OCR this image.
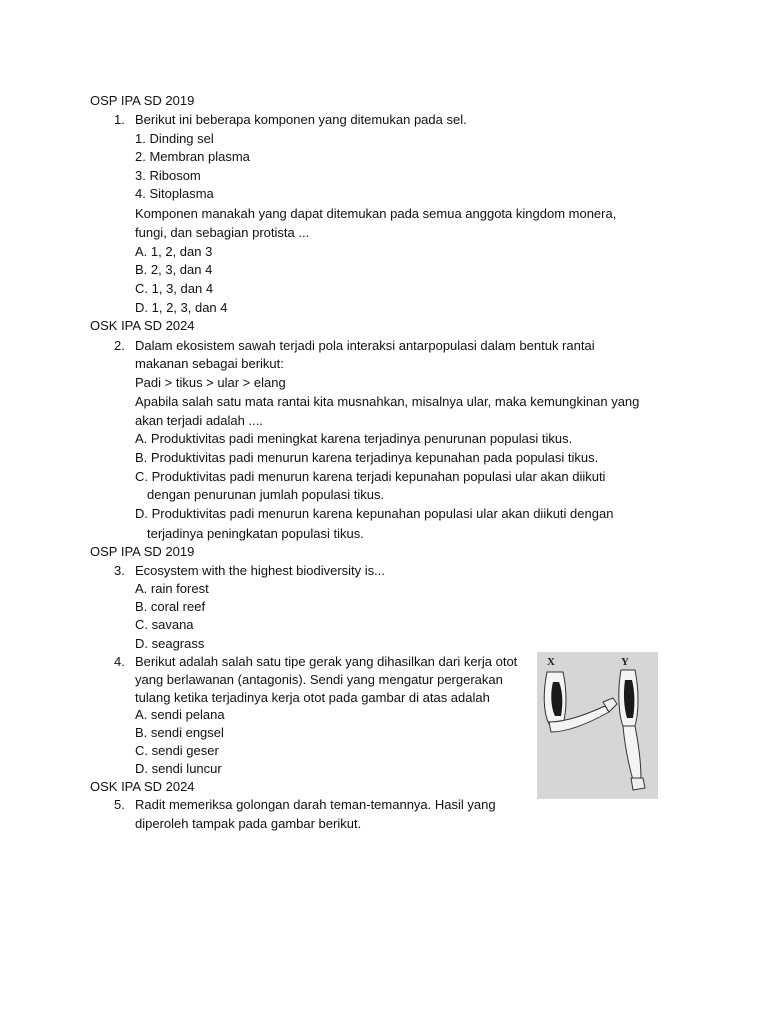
OSP IPA SD 2019
1. Berikut ini beberapa komponen yang ditemukan pada sel.
1. Dinding sel
2. Membran plasma
3. Ribosom
4. Sitoplasma
Komponen manakah yang dapat ditemukan pada semua anggota kingdom monera,
fungi, dan sebagian protista ...
A. 1, 2, dan 3
B. 2, 3, dan 4
C. 1, 3, dan 4
D. 1, 2, 3, dan 4
OSK IPA SD 2024
2. Dalam ekosistem sawah terjadi pola interaksi antarpopulasi dalam bentuk rantai
makanan sebagai berikut:
Padi > tikus > ular > elang
Apabila salah satu mata rantai kita musnahkan, misalnya ular, maka kemungkinan yang
akan terjadi adalah ....
A. Produktivitas padi meningkat karena terjadinya penurunan populasi tikus.
B. Produktivitas padi menurun karena terjadinya kepunahan pada populasi tikus.
C. Produktivitas padi menurun karena terjadi kepunahan populasi ular akan diikuti
dengan penurunan jumlah populasi tikus.
D. Produktivitas padi menurun karena kepunahan populasi ular akan diikuti dengan
terjadinya peningkatan populasi tikus.
OSP IPA SD 2019
3. Ecosystem with the highest biodiversity is...
A. rain forest
B. coral reef
C. savana
D. seagrass
4. Berikut adalah salah satu tipe gerak yang dihasilkan dari kerja otot
yang berlawanan (antagonis). Sendi yang mengatur pergerakan
tulang ketika terjadinya kerja otot pada gambar di atas adalah
A. sendi pelana
B. sendi engsel
C. sendi geser
D. sendi luncur
X	Y
OSK IPA SD 2024
5. Radit memeriksa golongan darah teman-temannya. Hasil yang
diperoleh tampak pada gambar berikut.
